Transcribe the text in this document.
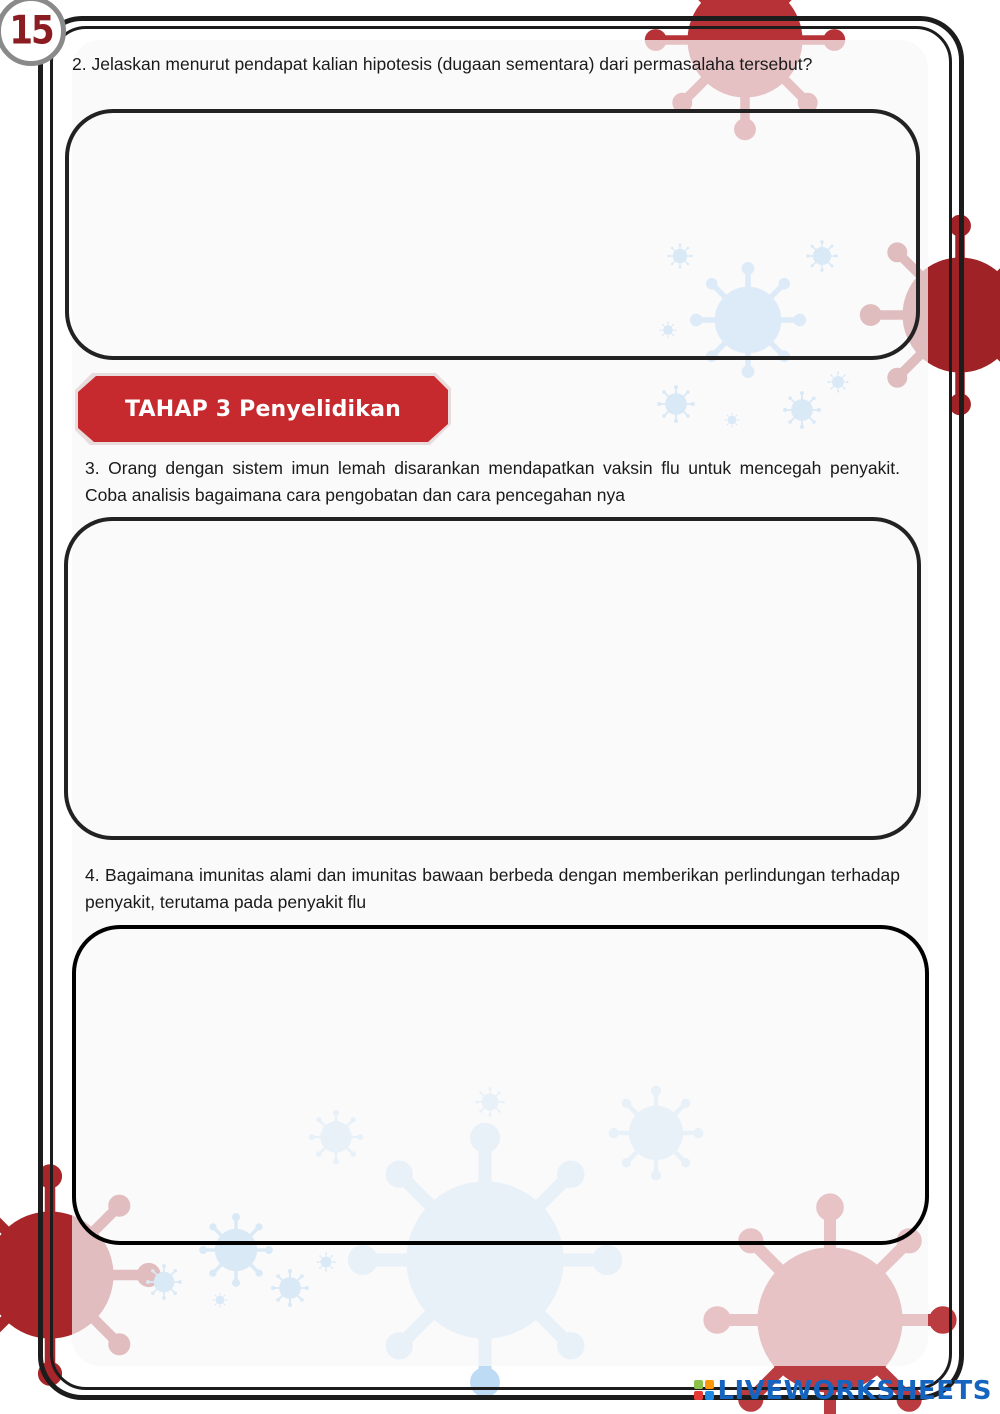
15
2. Jelaskan menurut pendapat kalian hipotesis (dugaan sementara) dari permasalaha tersebut?
TAHAP 3 Penyelidikan
3. Orang dengan sistem imun lemah disarankan mendapatkan vaksin flu untuk mencegah penyakit. Coba analisis bagaimana cara pengobatan dan cara pencegahan nya
4. Bagaimana imunitas alami dan imunitas bawaan berbeda dengan memberikan perlindungan terhadap penyakit, terutama pada penyakit flu
LIVEWORKSHEETS
